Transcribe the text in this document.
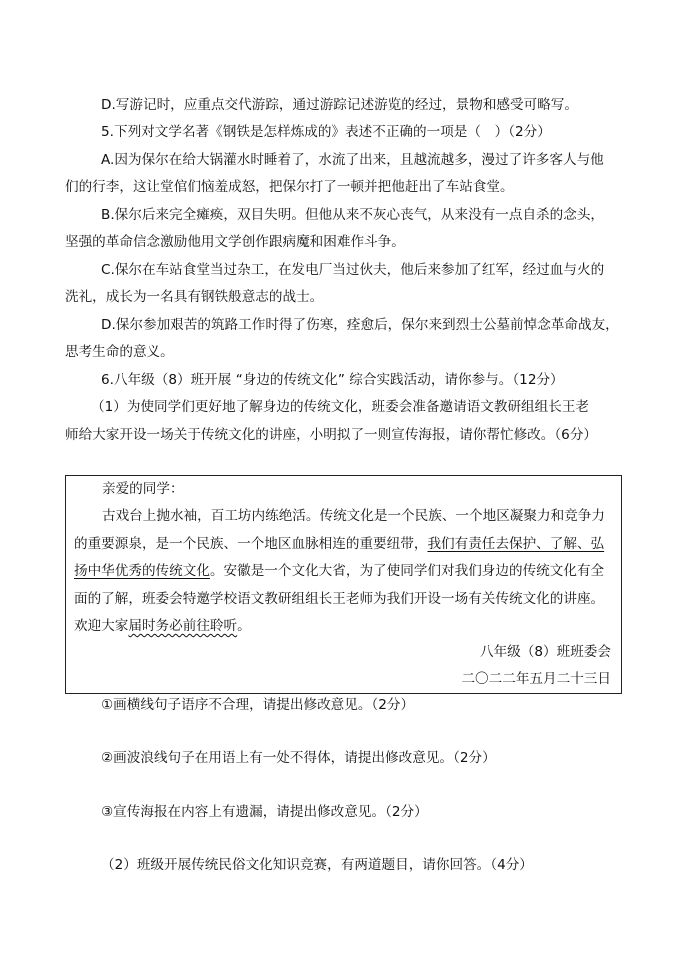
D.写游记时，应重点交代游踪，通过游踪记述游览的经过，景物和感受可略写。
5.下列对文学名著《钢铁是怎样炼成的》表述不正确的一项是（　）（2分）
A.因为保尔在给大锅灌水时睡着了，水流了出来，且越流越多，漫过了许多客人与他
们的行李，这让堂倌们恼羞成怒，把保尔打了一顿并把他赶出了车站食堂。
B.保尔后来完全瘫痪，双目失明。但他从来不灰心丧气，从来没有一点自杀的念头，
坚强的革命信念激励他用文学创作跟病魔和困难作斗争。
C.保尔在车站食堂当过杂工，在发电厂当过伙夫，他后来参加了红军，经过血与火的
洗礼，成长为一名具有钢铁般意志的战士。
D.保尔参加艰苦的筑路工作时得了伤寒，痊愈后，保尔来到烈士公墓前悼念革命战友，
思考生命的意义。
6.八年级（8）班开展 “身边的传统文化” 综合实践活动，请你参与。（12分）
（1）为使同学们更好地了解身边的传统文化，班委会准备邀请语文教研组组长王老
师给大家开设一场关于传统文化的讲座，小明拟了一则宣传海报，请你帮忙修改。（6分）
亲爱的同学：
古戏台上抛水袖，百工坊内练绝活。传统文化是一个民族、一个地区凝聚力和竞争力
的重要源泉，是一个民族、一个地区血脉相连的重要纽带，我们有责任去保护、了解、弘
扬中华优秀的传统文化。安徽是一个文化大省，为了使同学们对我们身边的传统文化有全
面的了解，班委会特邀学校语文教研组组长王老师为我们开设一场有关传统文化的讲座。
欢迎大家届时务必前往聆听。
八年级（8）班班委会
二〇二二年五月二十三日
①画横线句子语序不合理，请提出修改意见。（2分）
②画波浪线句子在用语上有一处不得体，请提出修改意见。（2分）
③宣传海报在内容上有遗漏，请提出修改意见。（2分）
（2）班级开展传统民俗文化知识竞赛，有两道题目，请你回答。（4分）
